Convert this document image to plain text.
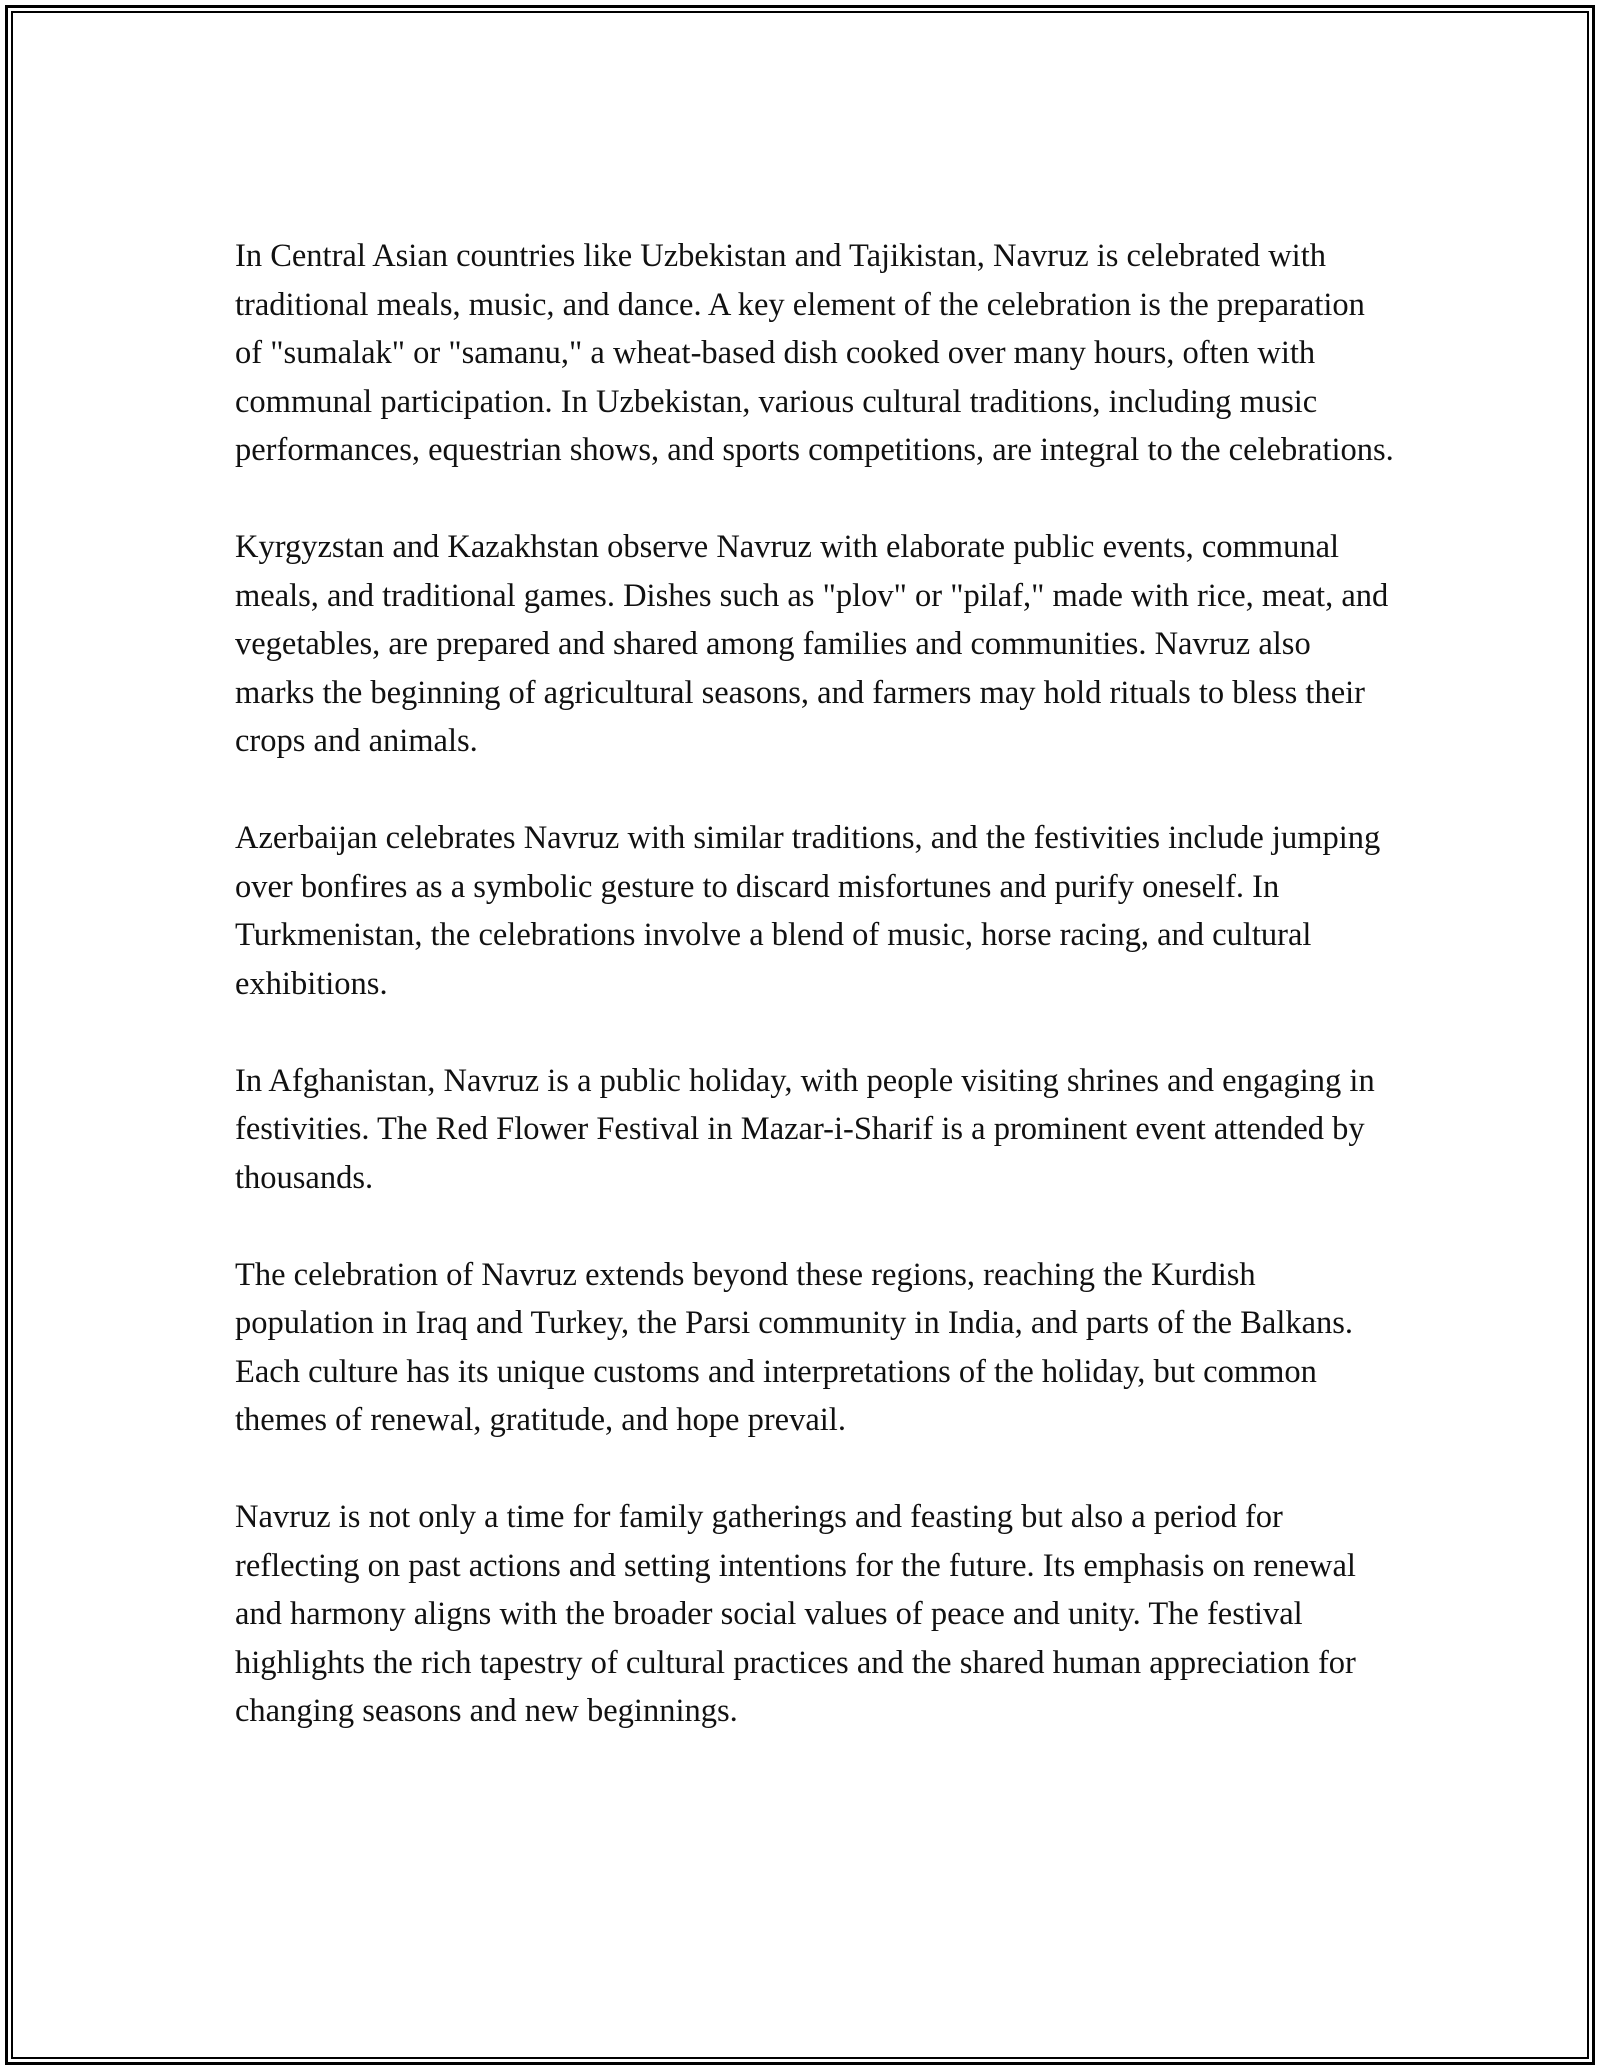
In Central Asian countries like Uzbekistan and Tajikistan, Navruz is celebrated with traditional meals, music, and dance. A key element of the celebration is the preparation of "sumalak" or "samanu," a wheat-based dish cooked over many hours, often with communal participation. In Uzbekistan, various cultural traditions, including music performances, equestrian shows, and sports competitions, are integral to the celebrations.

Kyrgyzstan and Kazakhstan observe Navruz with elaborate public events, communal meals, and traditional games. Dishes such as "plov" or "pilaf," made with rice, meat, and vegetables, are prepared and shared among families and communities. Navruz also marks the beginning of agricultural seasons, and farmers may hold rituals to bless their crops and animals.

Azerbaijan celebrates Navruz with similar traditions, and the festivities include jumping over bonfires as a symbolic gesture to discard misfortunes and purify oneself. In Turkmenistan, the celebrations involve a blend of music, horse racing, and cultural exhibitions.

In Afghanistan, Navruz is a public holiday, with people visiting shrines and engaging in festivities. The Red Flower Festival in Mazar-i-Sharif is a prominent event attended by thousands.

The celebration of Navruz extends beyond these regions, reaching the Kurdish population in Iraq and Turkey, the Parsi community in India, and parts of the Balkans. Each culture has its unique customs and interpretations of the holiday, but common themes of renewal, gratitude, and hope prevail.

Navruz is not only a time for family gatherings and feasting but also a period for reflecting on past actions and setting intentions for the future. Its emphasis on renewal and harmony aligns with the broader social values of peace and unity. The festival highlights the rich tapestry of cultural practices and the shared human appreciation for changing seasons and new beginnings.
